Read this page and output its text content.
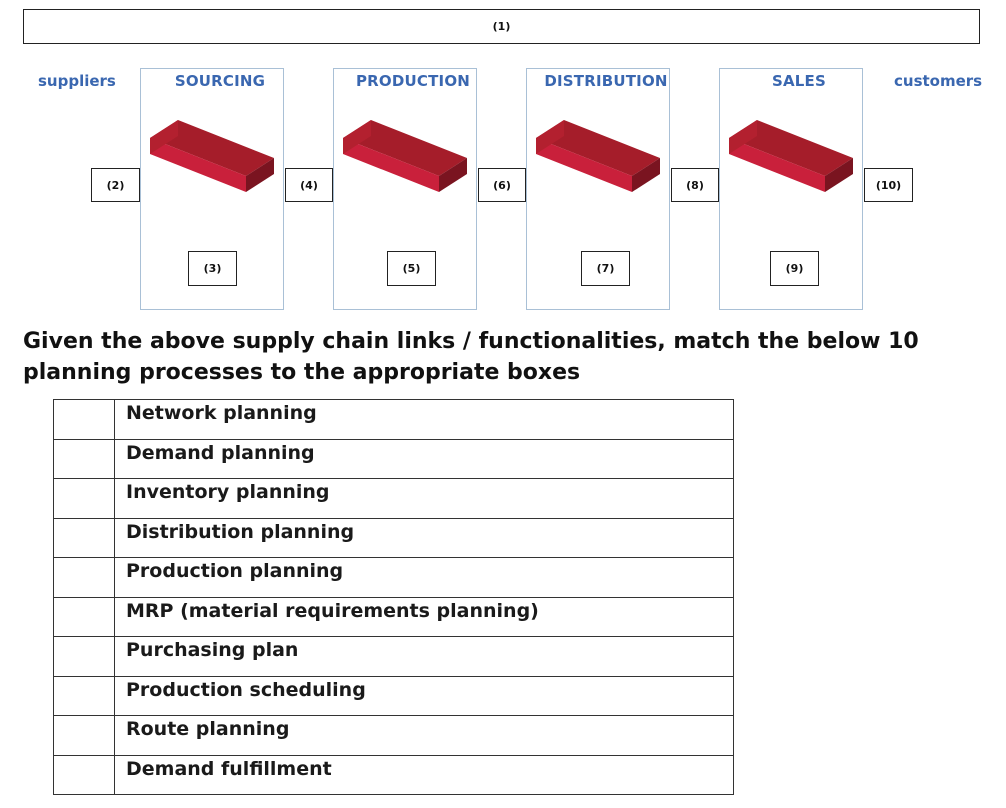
(1)
suppliers	customers
SOURCING	PRODUCTION	DISTRIBUTION	SALES
(2)	(4)	(6)	(8)	(10)
(3)	(5)	(7)	(9)
Given the above supply chain links / functionalities, match the below 10 planning processes to the appropriate boxes

	Network planning

	Demand planning

	Inventory planning

	Distribution planning

	Production planning

	MRP (material requirements planning)

	Purchasing plan

	Production scheduling

	Route planning

	Demand fulfillment
